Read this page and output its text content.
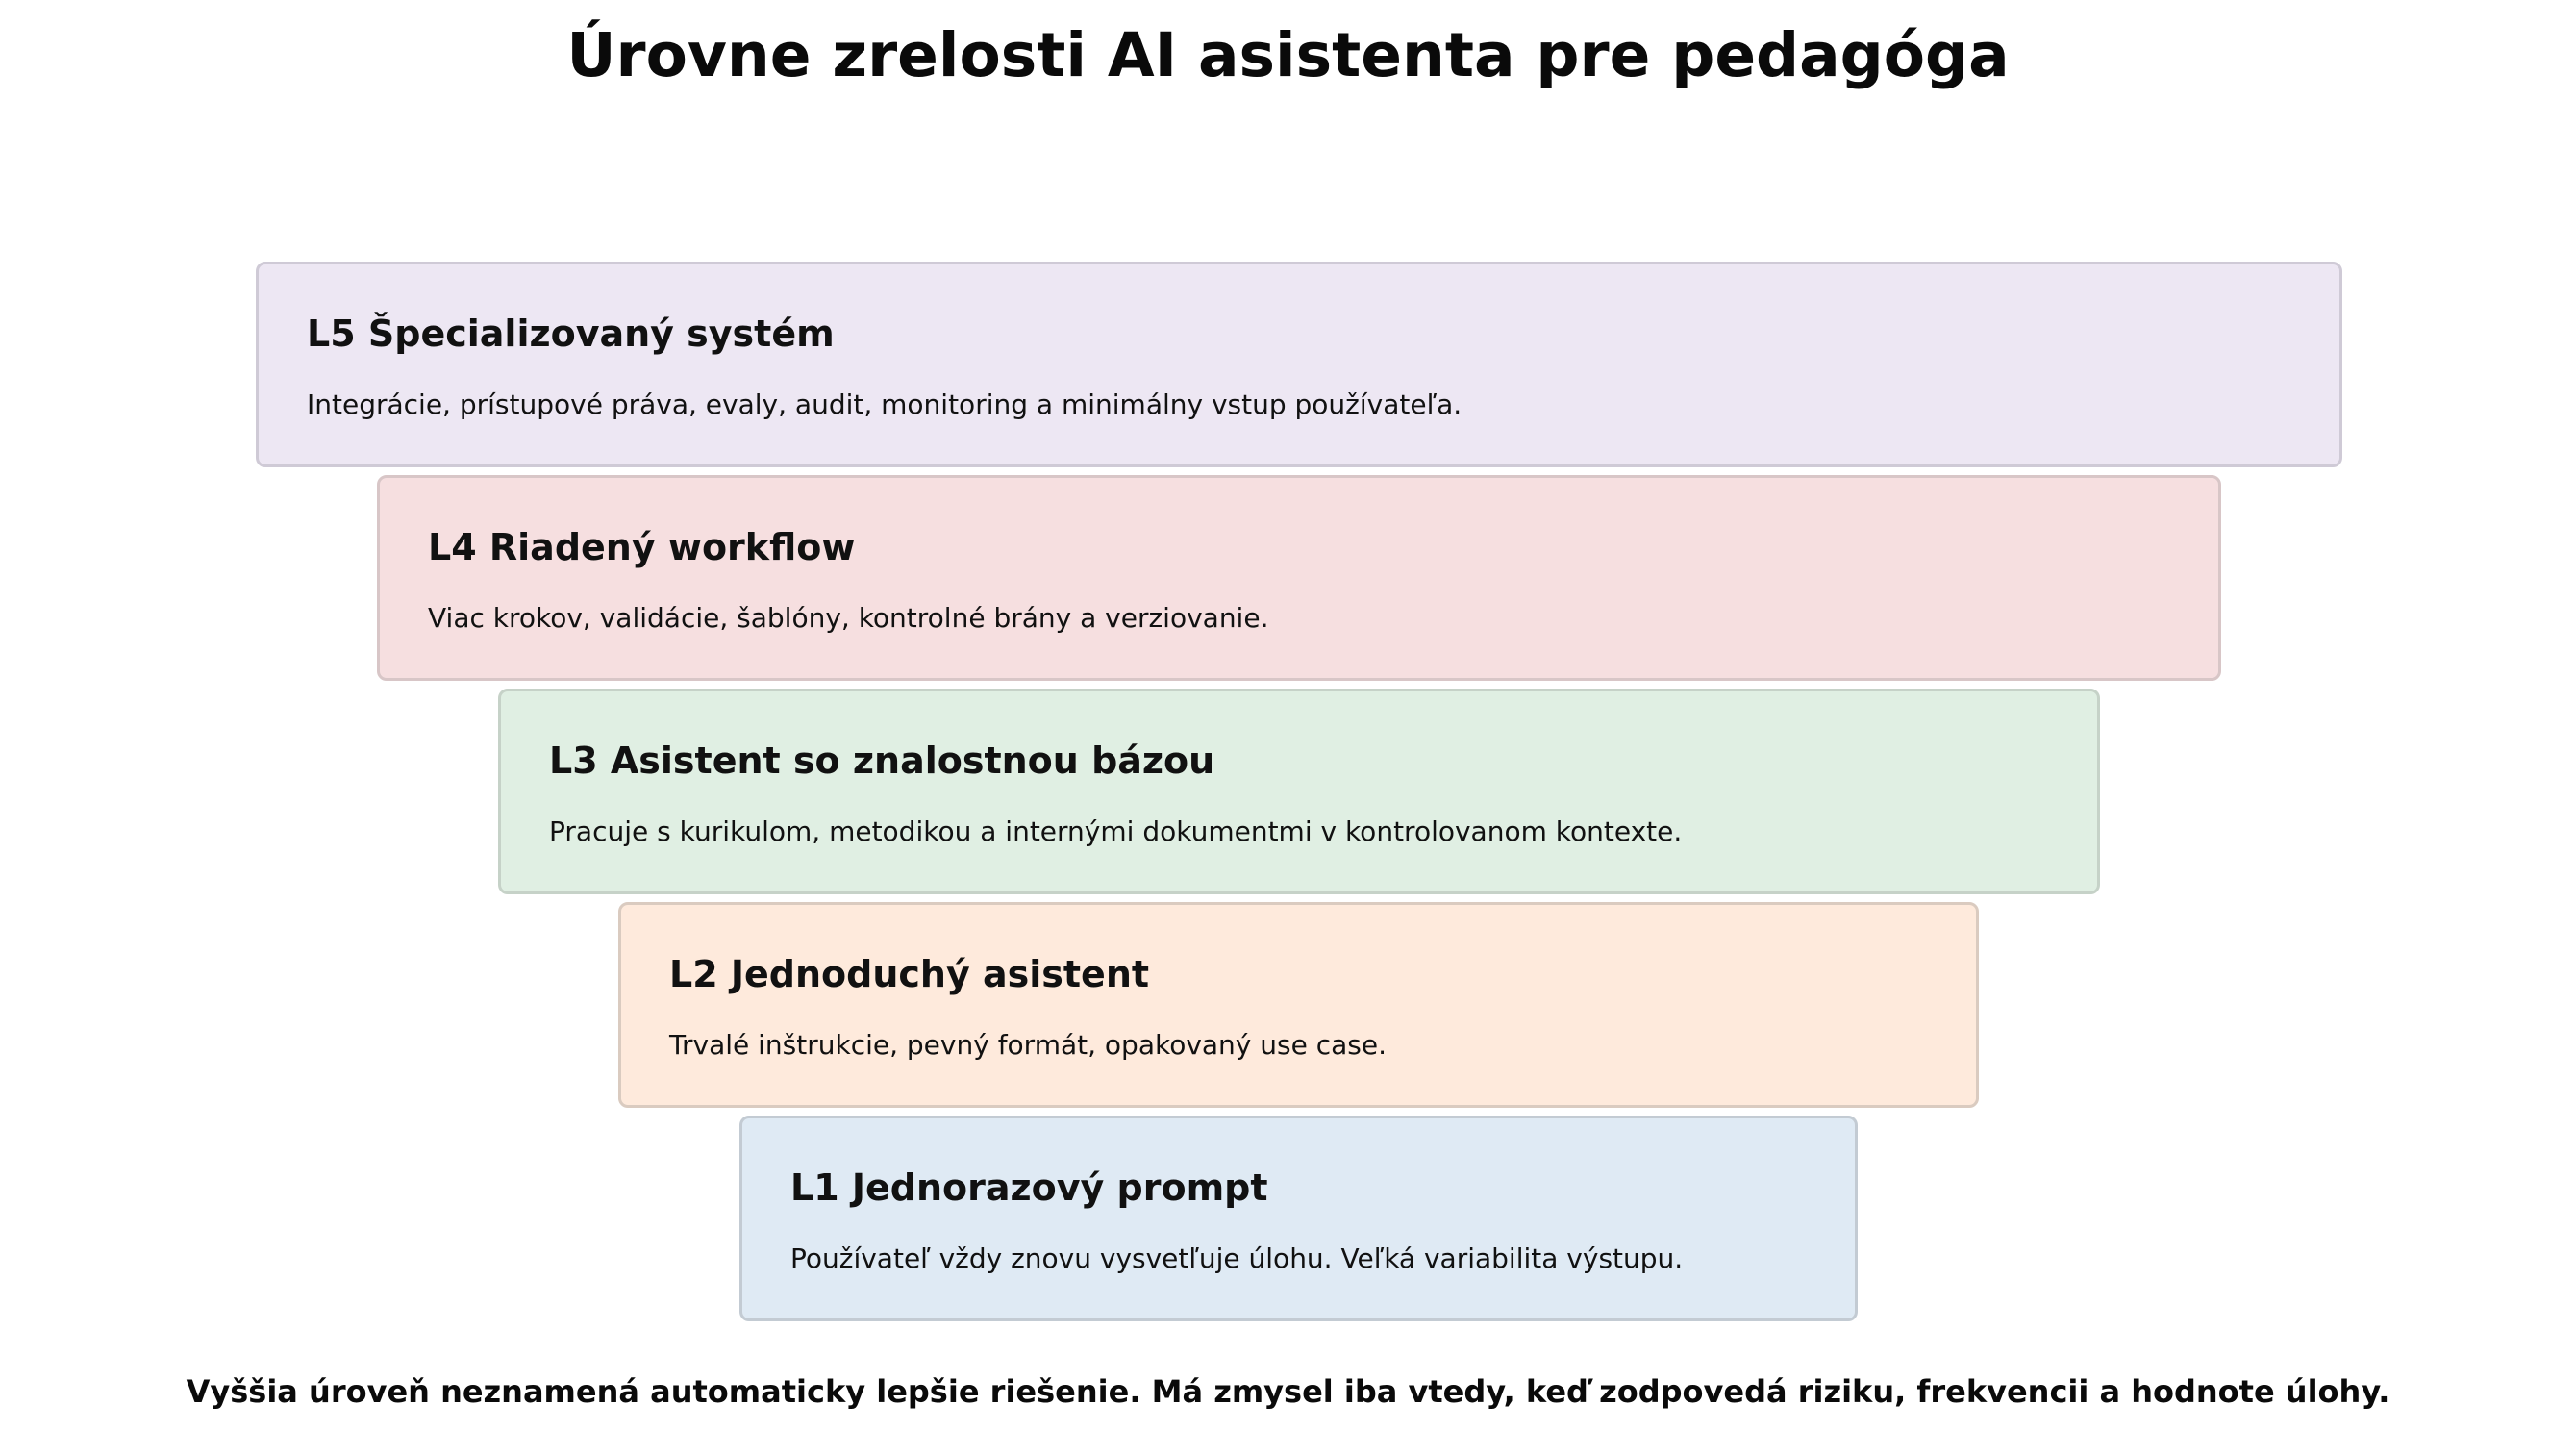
Úrovne zrelosti AI asistenta pre pedagóga
L5 Špecializovaný systém
Integrácie, prístupové práva, evaly, audit, monitoring a minimálny vstup používateľa.
L4 Riadený workflow
Viac krokov, validácie, šablóny, kontrolné brány a verziovanie.
L3 Asistent so znalostnou bázou
Pracuje s kurikulom, metodikou a internými dokumentmi v kontrolovanom kontexte.
L2 Jednoduchý asistent
Trvalé inštrukcie, pevný formát, opakovaný use case.
L1 Jednorazový prompt
Používateľ vždy znovu vysvetľuje úlohu. Veľká variabilita výstupu.

Vyššia úroveň neznamená automaticky lepšie riešenie. Má zmysel iba vtedy, keď zodpovedá riziku, frekvencii a hodnote úlohy.
